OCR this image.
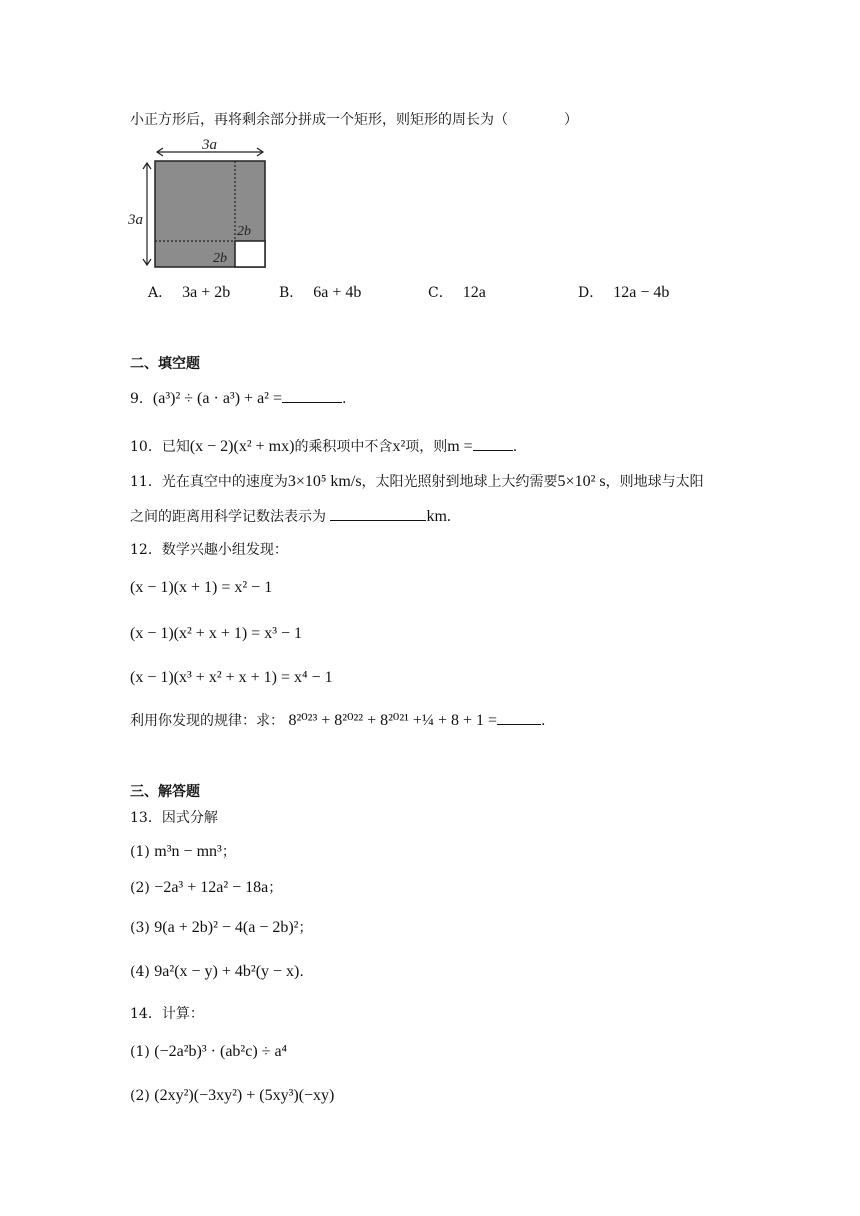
小正方形后，再将剩余部分拼成一个矩形，则矩形的周长为（　　　　）
3a
3a
2b
2b
A． 3a + 2b	B． 6a + 4b	C． 12a	D． 12a − 4b
二、填空题
9．(a³)² ÷ (a · a³) + a² =	.
10．已知(x − 2)(x² + mx)的乘积项中不含x²项，则m =	.
11．光在真空中的速度为3×10⁵ km/s，太阳光照射到地球上大约需要5×10² s，则地球与太阳
之间的距离用科学记数法表示为	km.
12．数学兴趣小组发现：
(x − 1)(x + 1) = x² − 1
(x − 1)(x² + x + 1) = x³ − 1
(x − 1)(x³ + x² + x + 1) = x⁴ − 1
利用你发现的规律：求： 8²⁰²³ + 8²⁰²² + 8²⁰²¹ +¼ + 8 + 1 =	.
三、解答题
13．因式分解
(1) m³n − mn³；
(2) −2a³ + 12a² − 18a；
(3) 9(a + 2b)² − 4(a − 2b)²；
(4) 9a²(x − y) + 4b²(y − x).
14．计算：
(1) (−2a²b)³ · (ab²c) ÷ a⁴
(2) (2xy²)(−3xy²) + (5xy³)(−xy)
